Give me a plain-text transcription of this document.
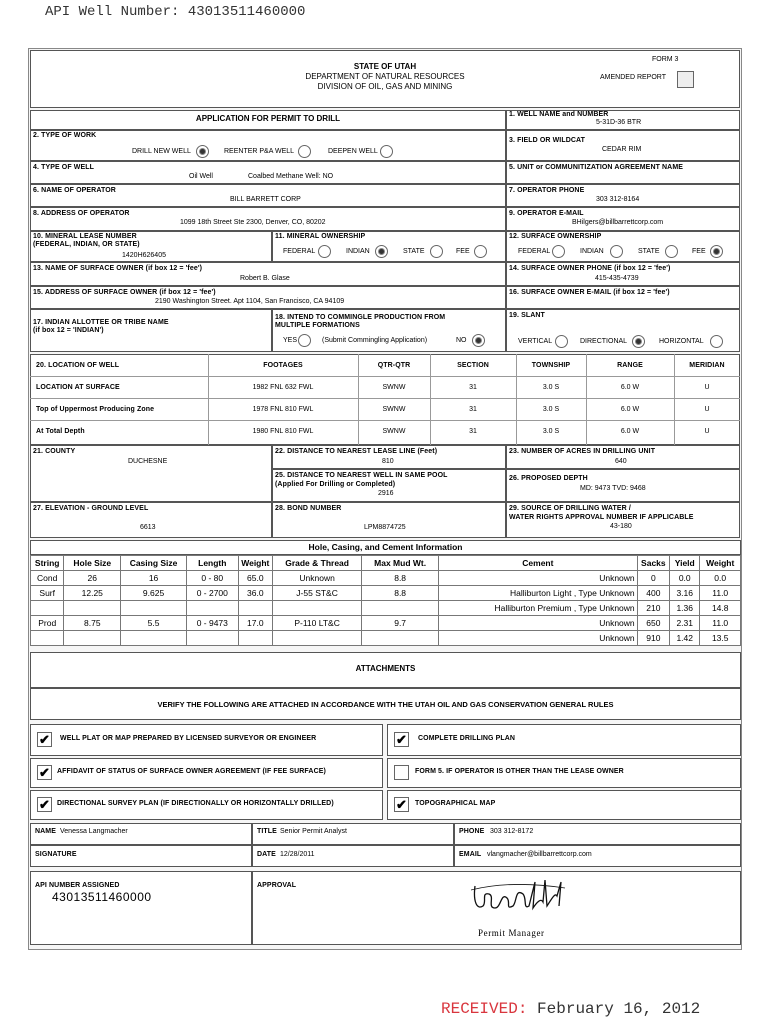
API Well Number: 43013511460000
FORM 3
STATE OF UTAH
DEPARTMENT OF NATURAL RESOURCES
DIVISION OF OIL, GAS AND MINING
AMENDED REPORT
APPLICATION FOR PERMIT TO DRILL	1. WELL NAME and NUMBER
5-31D-36 BTR
2. TYPE OF WORK
DRILL NEW WELL	REENTER P&A WELL	DEEPEN WELL
3. FIELD OR WILDCAT
CEDAR RIM
4. TYPE OF WELL
Oil Well	Coalbed Methane Well: NO
5. UNIT or COMMUNITIZATION AGREEMENT NAME
6. NAME OF OPERATOR
BILL BARRETT CORP
7. OPERATOR PHONE
303 312-8164
8. ADDRESS OF OPERATOR
1099 18th Street Ste 2300, Denver, CO, 80202
9. OPERATOR E-MAIL
BHilgers@billbarrettcorp.com
10. MINERAL LEASE NUMBER
(FEDERAL, INDIAN, OR STATE)
1420H626405
11. MINERAL OWNERSHIP
FEDERAL	INDIAN	STATE	FEE
12. SURFACE OWNERSHIP
FEDERAL	INDIAN	STATE	FEE
13. NAME OF SURFACE OWNER (if box 12 = 'fee')
Robert B. Glase
14. SURFACE OWNER PHONE (if box 12 = 'fee')
415-435-4739
15. ADDRESS OF SURFACE OWNER (if box 12 = 'fee')
2190 Washington Street. Apt 1104, San Francisco, CA 94109
16. SURFACE OWNER E-MAIL (if box 12 = 'fee')
17. INDIAN ALLOTTEE OR TRIBE NAME
(if box 12 = 'INDIAN')
18. INTEND TO COMMINGLE PRODUCTION FROM
MULTIPLE FORMATIONS
YES	(Submit Commingling Application)	NO
19. SLANT
VERTICAL	DIRECTIONAL	HORIZONTAL
20. LOCATION OF WELL	FOOTAGES	QTR-QTR	SECTION	TOWNSHIP	RANGE	MERIDIAN
LOCATION AT SURFACE	1982 FNL 632 FWL	SWNW	31	3.0 S	6.0 W	U
Top of Uppermost Producing Zone	1978 FNL 810 FWL	SWNW	31	3.0 S	6.0 W	U
At Total Depth	1980 FNL 810 FWL	SWNW	31	3.0 S	6.0 W	U
21. COUNTY
DUCHESNE
22. DISTANCE TO NEAREST LEASE LINE (Feet)
810
23. NUMBER OF ACRES IN DRILLING UNIT
640
25. DISTANCE TO NEAREST WELL IN SAME POOL
(Applied For Drilling or Completed)
2916
26. PROPOSED DEPTH
MD: 9473 TVD: 9468
27. ELEVATION - GROUND LEVEL
6613
28. BOND NUMBER
LPM8874725
29. SOURCE OF DRILLING WATER /
WATER RIGHTS APPROVAL NUMBER IF APPLICABLE
43-180
Hole, Casing, and Cement Information
String	Hole Size	Casing Size	Length	Weight	Grade & Thread	Max Mud Wt.	Cement	Sacks	Yield	Weight
Cond	26	16	0 - 80	65.0	Unknown	8.8	Unknown	0	0.0	0.0
Surf	12.25	9.625	0 - 2700	36.0	J-55 ST&C	8.8	Halliburton Light , Type Unknown	400	3.16	11.0
							Halliburton Premium , Type Unknown	210	1.36	14.8
Prod	8.75	5.5	0 - 9473	17.0	P-110 LT&C	9.7	Unknown	650	2.31	11.0
							Unknown	910	1.42	13.5
ATTACHMENTS
VERIFY THE FOLLOWING ARE ATTACHED IN ACCORDANCE WITH THE UTAH OIL AND GAS CONSERVATION GENERAL RULES
✔ WELL PLAT OR MAP PREPARED BY LICENSED SURVEYOR OR ENGINEER	✔ COMPLETE DRILLING PLAN
✔ AFFIDAVIT OF STATUS OF SURFACE OWNER AGREEMENT (IF FEE SURFACE)	FORM 5. IF OPERATOR IS OTHER THAN THE LEASE OWNER
✔ DIRECTIONAL SURVEY PLAN (IF DIRECTIONALLY OR HORIZONTALLY DRILLED)	✔ TOPOGRAPHICAL MAP
NAME Venessa Langmacher	TITLE Senior Permit Analyst	PHONE 303 312-8172
SIGNATURE	DATE 12/28/2011	EMAIL vlangmacher@billbarrettcorp.com
API NUMBER ASSIGNED
43013511460000
APPROVAL
Permit Manager
RECEIVED: February 16, 2012
